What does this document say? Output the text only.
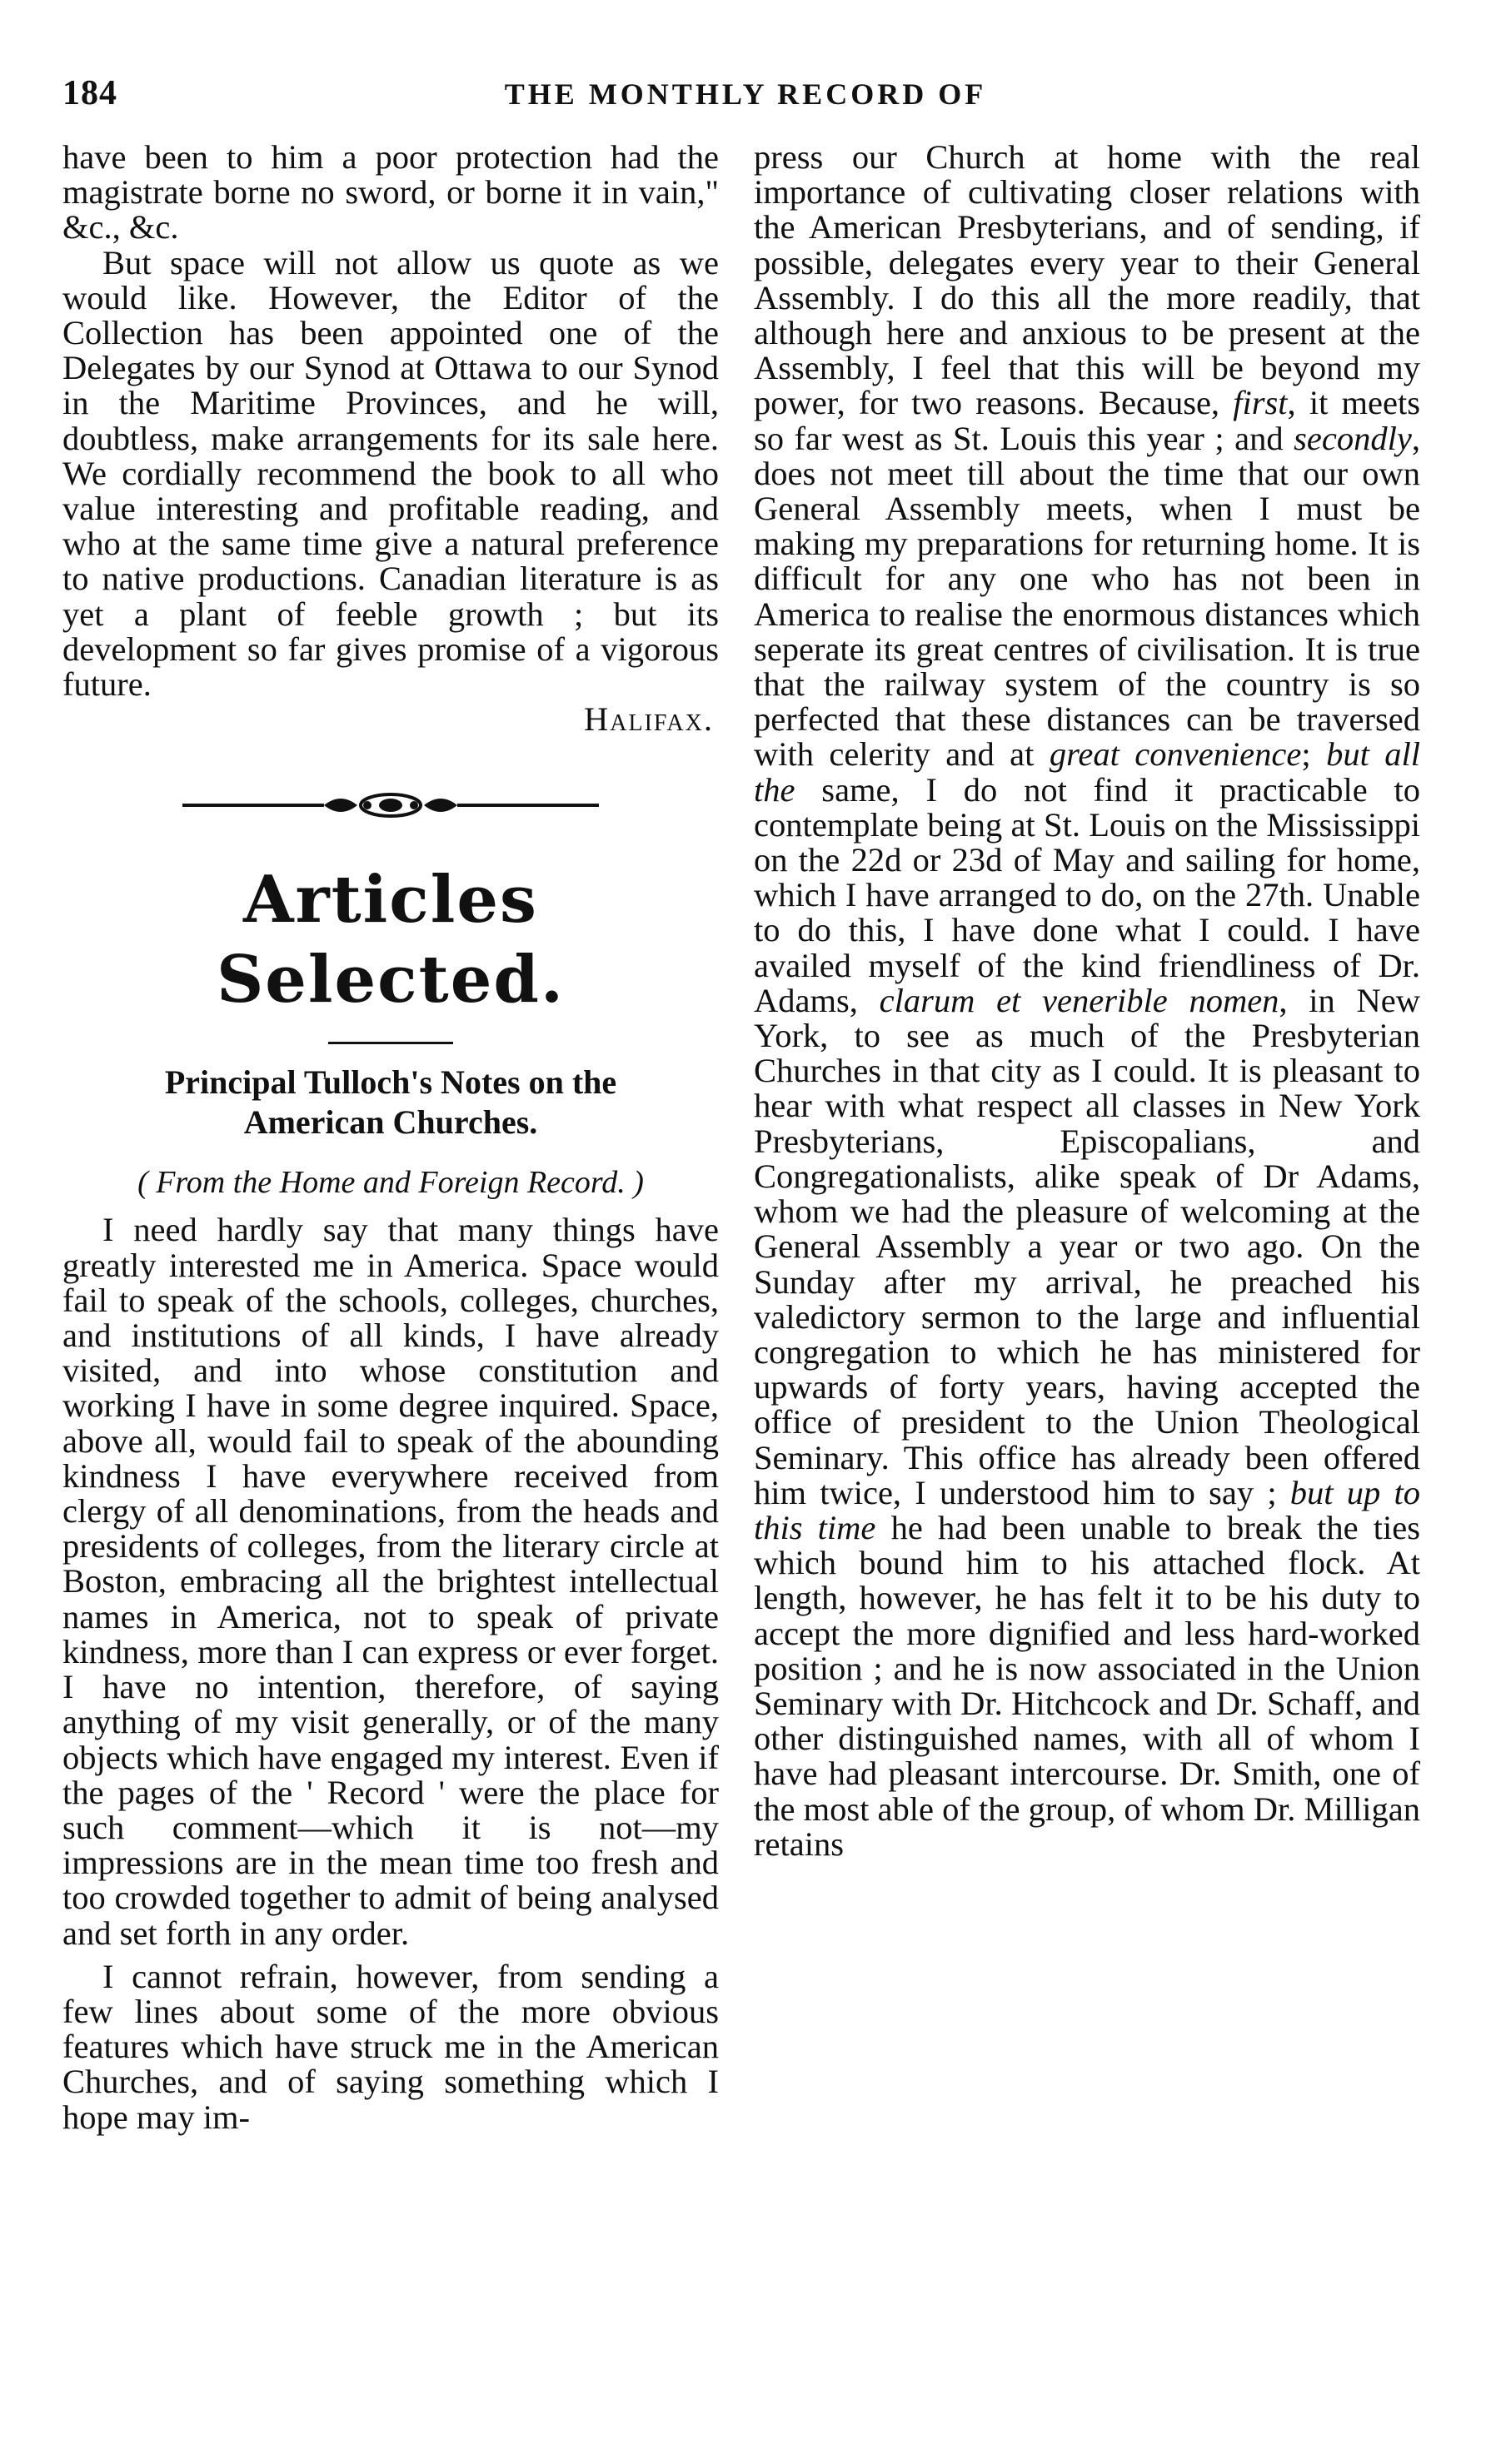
184	THE MONTHLY RECORD OF

have been to him a poor protection had the magistrate borne no sword, or borne it in vain," &c., &c.

But space will not allow us quote as we would like. However, the Editor of the Collection has been appointed one of the Delegates by our Synod at Ottawa to our Synod in the Maritime Provinces, and he will, doubtless, make arrangements for its sale here. We cordially recommend the book to all who value interesting and profitable reading, and who at the same time give a natural preference to native productions. Canadian literature is as yet a plant of feeble growth ; but its development so far gives promise of a vigorous future.

Halifax.
Articles Selected.
Principal Tulloch's Notes on the
American Churches.
( From the Home and Foreign Record. )

I need hardly say that many things have greatly interested me in America. Space would fail to speak of the schools, colleges, churches, and institutions of all kinds, I have already visited, and into whose constitution and working I have in some degree inquired. Space, above all, would fail to speak of the abounding kindness I have everywhere received from clergy of all denominations, from the heads and presidents of colleges, from the literary circle at Boston, embracing all the brightest intellectual names in America, not to speak of private kindness, more than I can express or ever forget. I have no intention, therefore, of saying anything of my visit generally, or of the many objects which have engaged my interest. Even if the pages of the ' Record ' were the place for such comment—which it is not—my impressions are in the mean time too fresh and too crowded together to admit of being analysed and set forth in any order.

I cannot refrain, however, from sending a few lines about some of the more obvious features which have struck me in the American Churches, and of saying something which I hope may im-

press our Church at home with the real importance of cultivating closer relations with the American Presbyterians, and of sending, if possible, delegates every year to their General Assembly. I do this all the more readily, that although here and anxious to be present at the Assembly, I feel that this will be beyond my power, for two reasons. Because, first, it meets so far west as St. Louis this year ; and secondly, does not meet till about the time that our own General Assembly meets, when I must be making my preparations for returning home. It is difficult for any one who has not been in America to realise the enormous distances which seperate its great centres of civilisation. It is true that the railway system of the country is so perfected that these distances can be traversed with celerity and at great convenience; but all the same, I do not find it practicable to contemplate being at St. Louis on the Mississippi on the 22d or 23d of May and sailing for home, which I have arranged to do, on the 27th. Unable to do this, I have done what I could. I have availed myself of the kind friendliness of Dr. Adams, clarum et venerible nomen, in New York, to see as much of the Presbyterian Churches in that city as I could. It is pleasant to hear with what respect all classes in New York Presbyterians, Episcopalians, and Congregationalists, alike speak of Dr Adams, whom we had the pleasure of welcoming at the General Assembly a year or two ago. On the Sunday after my arrival, he preached his valedictory sermon to the large and influential congregation to which he has ministered for upwards of forty years, having accepted the office of president to the Union Theological Seminary. This office has already been offered him twice, I understood him to say ; but up to this time he had been unable to break the ties which bound him to his attached flock. At length, however, he has felt it to be his duty to accept the more dignified and less hard-worked position ; and he is now associated in the Union Seminary with Dr. Hitchcock and Dr. Schaff, and other distinguished names, with all of whom I have had pleasant intercourse. Dr. Smith, one of the most able of the group, of whom Dr. Milligan retains
